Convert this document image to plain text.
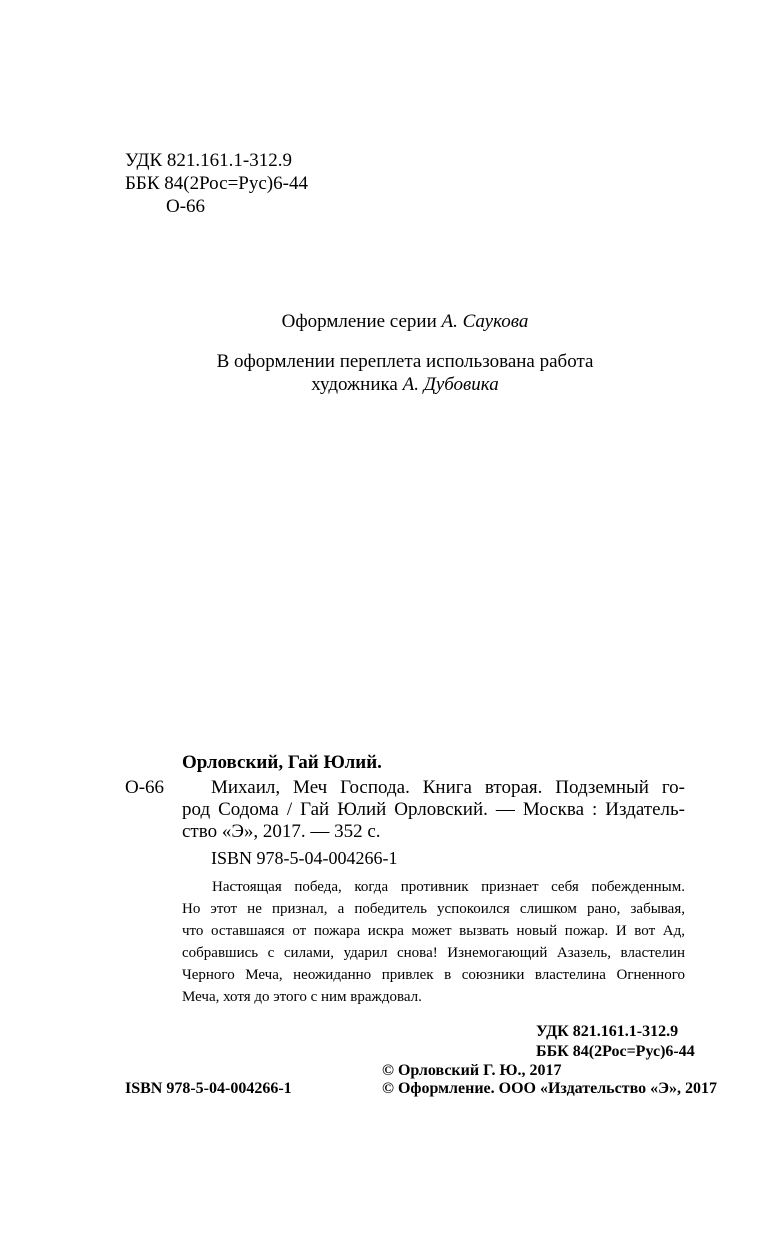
УДК 821.161.1-312.9
ББК 84(2Рос=Рус)6-44
О-66
Оформление серии А. Саукова
В оформлении переплета использована работа
художника А. Дубовика
Орловский, Гай Юлий.
О-66 Михаил, Меч Господа. Книга вторая. Подземный го-
род Содома / Гай Юлий Орловский. — Москва : Издатель-
ство «Э», 2017. — 352 с.
ISBN 978-5-04-004266-1
Настоящая победа, когда противник признает себя побежденным.
Но этот не признал, а победитель успокоился слишком рано, забывая,
что оставшаяся от пожара искра может вызвать новый пожар. И вот Ад,
собравшись с силами, ударил снова! Изнемогающий Азазель, властелин
Черного Меча, неожиданно привлек в союзники властелина Огненного
Меча, хотя до этого с ним враждовал.
УДК 821.161.1-312.9
ББК 84(2Рос=Рус)6-44
© Орловский Г. Ю., 2017
ISBN 978-5-04-004266-1	© Оформление. ООО «Издательство «Э», 2017
